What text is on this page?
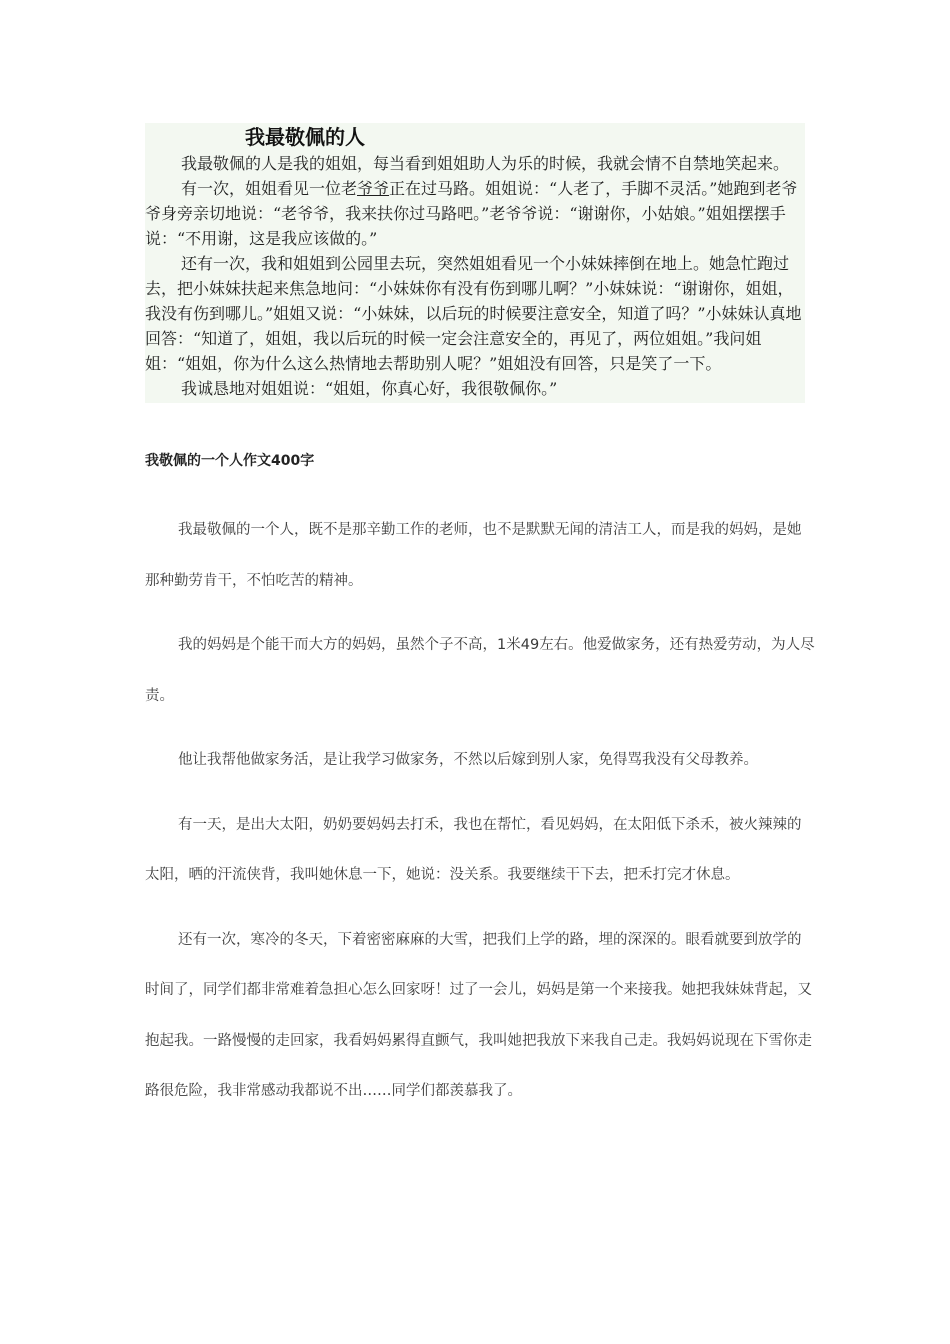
我最敬佩的人

我最敬佩的人是我的姐姐，每当看到姐姐助人为乐的时候，我就会情不自禁地笑起来。

有一次，姐姐看见一位老爷爷正在过马路。姐姐说：“人老了，手脚不灵活。”她跑到老爷爷身旁亲切地说：“老爷爷，我来扶你过马路吧。”老爷爷说：“谢谢你，小姑娘。”姐姐摆摆手说：“不用谢，这是我应该做的。”

还有一次，我和姐姐到公园里去玩，突然姐姐看见一个小妹妹摔倒在地上。她急忙跑过去，把小妹妹扶起来焦急地问：“小妹妹你有没有伤到哪儿啊？”小妹妹说：“谢谢你，姐姐，我没有伤到哪儿。”姐姐又说：“小妹妹，以后玩的时候要注意安全，知道了吗？”小妹妹认真地回答：“知道了，姐姐，我以后玩的时候一定会注意安全的，再见了，两位姐姐。”我问姐姐：“姐姐，你为什么这么热情地去帮助别人呢？”姐姐没有回答，只是笑了一下。

我诚恳地对姐姐说：“姐姐，你真心好，我很敬佩你。”

我敬佩的一个人作文400字

我最敬佩的一个人，既不是那辛勤工作的老师，也不是默默无闻的清洁工人，而是我的妈妈，是她那种勤劳肯干，不怕吃苦的精神。

我的妈妈是个能干而大方的妈妈，虽然个子不高，1米49左右。他爱做家务，还有热爱劳动，为人尽责。

他让我帮他做家务活，是让我学习做家务，不然以后嫁到别人家，免得骂我没有父母教养。

有一天，是出大太阳，奶奶要妈妈去打禾，我也在帮忙，看见妈妈，在太阳低下杀禾，被火辣辣的太阳，晒的汗流侠背，我叫她休息一下，她说：没关系。我要继续干下去，把禾打完才休息。

还有一次，寒冷的冬天，下着密密麻麻的大雪，把我们上学的路，埋的深深的。眼看就要到放学的时间了，同学们都非常难着急担心怎么回家呀！过了一会儿，妈妈是第一个来接我。她把我妹妹背起，又抱起我。一路慢慢的走回家，我看妈妈累得直颤气，我叫她把我放下来我自己走。我妈妈说现在下雪你走路很危险，我非常感动我都说不出……同学们都羡慕我了。
